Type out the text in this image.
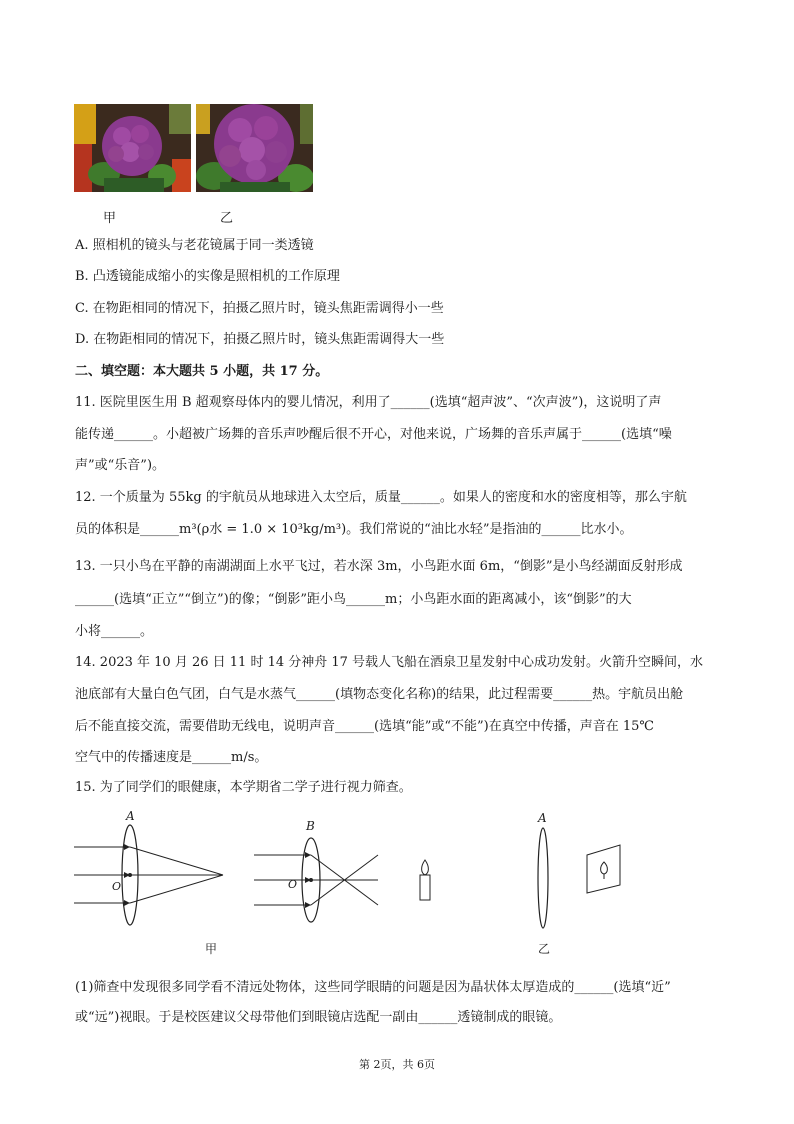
甲	乙
A. 照相机的镜头与老花镜属于同一类透镜
B. 凸透镜能成缩小的实像是照相机的工作原理
C. 在物距相同的情况下，拍摄乙照片时，镜头焦距需调得小一些
D. 在物距相同的情况下，拍摄乙照片时，镜头焦距需调得大一些
二、填空题：本大题共 5 小题，共 17 分。
11. 医院里医生用 B 超观察母体内的婴儿情况，利用了______(选填“超声波”、“次声波”)，这说明了声
能传递______。小超被广场舞的音乐声吵醒后很不开心，对他来说，广场舞的音乐声属于______(选填“噪
声”或“乐音”)。
12. 一个质量为 55kg 的宇航员从地球进入太空后，质量______。如果人的密度和水的密度相等，那么宇航
员的体积是______m³(ρ水 = 1.0 × 10³kg/m³)。我们常说的“油比水轻”是指油的______比水小。
13. 一只小鸟在平静的南湖湖面上水平飞过，若水深 3m，小鸟距水面 6m，“倒影”是小鸟经湖面反射形成
______(选填“正立”“倒立”)的像；“倒影”距小鸟______m；小鸟距水面的距离减小，该“倒影”的大
小将______。
14. 2023 年 10 月 26 日 11 时 14 分神舟 17 号载人飞船在酒泉卫星发射中心成功发射。火箭升空瞬间，水
池底部有大量白色气团，白气是水蒸气______(填物态变化名称)的结果，此过程需要______热。宇航员出舱
后不能直接交流，需要借助无线电，说明声音______(选填“能”或“不能”)在真空中传播，声音在 15℃
空气中的传播速度是______m/s。
15. 为了同学们的眼健康，本学期省二学子进行视力筛查。
A
O
B
O
A
甲	乙
(1)筛查中发现很多同学看不清远处物体，这些同学眼睛的问题是因为晶状体太厚造成的______(选填“近”
或“远”)视眼。于是校医建议父母带他们到眼镜店选配一副由______透镜制成的眼镜。
第 2页，共 6页
